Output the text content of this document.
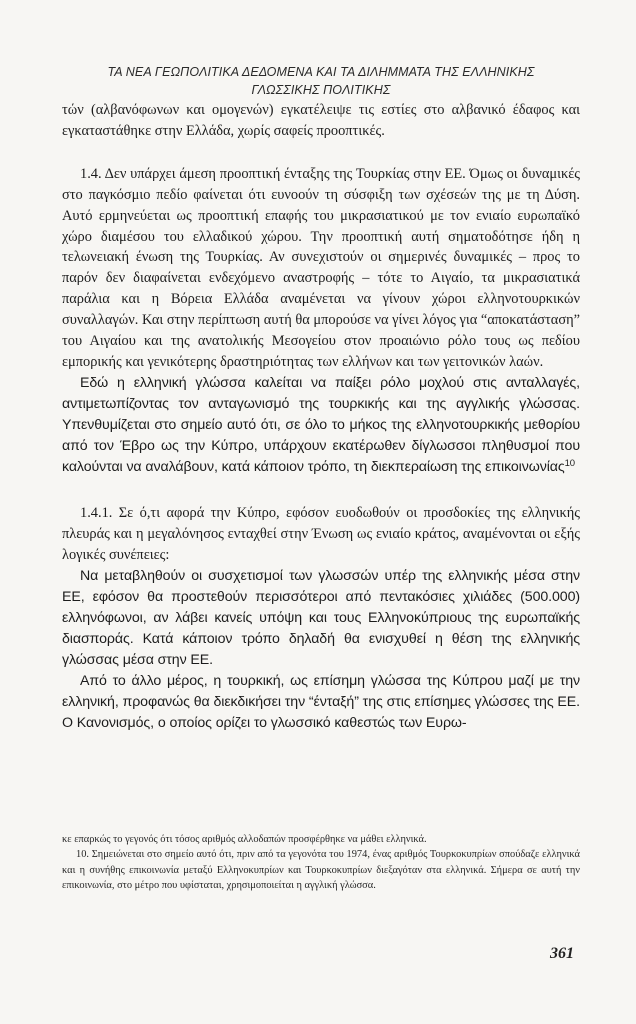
ΤΑ ΝΕΑ ΓΕΩΠΟΛΙΤΙΚΑ ΔΕΔΟΜΕΝΑ ΚΑΙ ΤΑ ΔΙΛΗΜΜΑΤΑ ΤΗΣ ΕΛΛΗΝΙΚΗΣ
ΓΛΩΣΣΙΚΗΣ ΠΟΛΙΤΙΚΗΣ

τών (αλβανόφωνων και ομογενών) εγκατέλειψε τις εστίες στο αλβανικό έδαφος και εγκαταστάθηκε στην Ελλάδα, χωρίς σαφείς προοπτικές.

1.4. Δεν υπάρχει άμεση προοπτική ένταξης της Τουρκίας στην ΕΕ. Όμως οι δυναμικές στο παγκόσμιο πεδίο φαίνεται ότι ευνοούν τη σύσφιξη των σχέσεών της με τη Δύση. Αυτό ερμηνεύεται ως προοπτική επαφής του μικρασιατικού με τον ενιαίο ευρωπαϊκό χώρο διαμέσου του ελλαδικού χώρου. Την προοπτική αυτή σηματοδότησε ήδη η τελωνειακή ένωση της Τουρκίας. Αν συνεχιστούν οι σημερινές δυναμικές – προς το παρόν δεν διαφαίνεται ενδεχόμενο αναστροφής – τότε το Αιγαίο, τα μικρασιατικά παράλια και η Βόρεια Ελλάδα αναμένεται να γίνουν χώροι ελληνοτουρκικών συναλλαγών. Και στην περίπτωση αυτή θα μπορούσε να γίνει λόγος για “αποκατάσταση” του Αιγαίου και της ανατολικής Μεσογείου στον προαιώνιο ρόλο τους ως πεδίου εμπορικής και γενικότερης δραστηριότητας των ελλήνων και των γειτονικών λαών.

Εδώ η ελληνική γλώσσα καλείται να παίξει ρόλο μοχλού στις ανταλλαγές, αντιμετωπίζοντας τον ανταγωνισμό της τουρκικής και της αγγλικής γλώσσας. Υπενθυμίζεται στο σημείο αυτό ότι, σε όλο το μήκος της ελληνοτουρκικής μεθορίου από τον Έβρο ως την Κύπρο, υπάρχουν εκατέρωθεν δίγλωσσοι πληθυσμοί που καλούνται να αναλάβουν, κατά κάποιον τρόπο, τη διεκπεραίωση της επικοινωνίας$^{10}$

1.4.1. Σε ό,τι αφορά την Κύπρο, εφόσον ευοδωθούν οι προσδοκίες της ελληνικής πλευράς και η μεγαλόνησος ενταχθεί στην Ένωση ως ενιαίο κράτος, αναμένονται οι εξής λογικές συνέπειες:

Να μεταβληθούν οι συσχετισμοί των γλωσσών υπέρ της ελληνικής μέσα στην ΕΕ, εφόσον θα προστεθούν περισσότεροι από πεντακόσιες χιλιάδες (500.000) ελληνόφωνοι, αν λάβει κανείς υπόψη και τους Ελληνοκύπριους της ευρωπαϊκής διασποράς. Κατά κάποιον τρόπο δηλαδή θα ενισχυθεί η θέση της ελληνικής γλώσσας μέσα στην ΕΕ.

Από το άλλο μέρος, η τουρκική, ως επίσημη γλώσσα της Κύπρου μαζί με την ελληνική, προφανώς θα διεκδικήσει την “ένταξή” της στις επίσημες γλώσσες της ΕΕ. Ο Κανονισμός, ο οποίος ορίζει το γλωσσικό καθεστώς των Ευρω-

κε επαρκώς το γεγονός ότι τόσος αριθμός αλλοδαπών προσφέρθηκε να μάθει ελληνικά.

10. Σημειώνεται στο σημείο αυτό ότι, πριν από τα γεγονότα του 1974, ένας αριθμός Τουρκοκυπρίων σπούδαζε ελληνικά και η συνήθης επικοινωνία μεταξύ Ελληνοκυπρίων και Τουρκοκυπρίων διεξαγόταν στα ελληνικά. Σήμερα σε αυτή την επικοινωνία, στο μέτρο που υφίσταται, χρησιμοποιείται η αγγλική γλώσσα.

361
